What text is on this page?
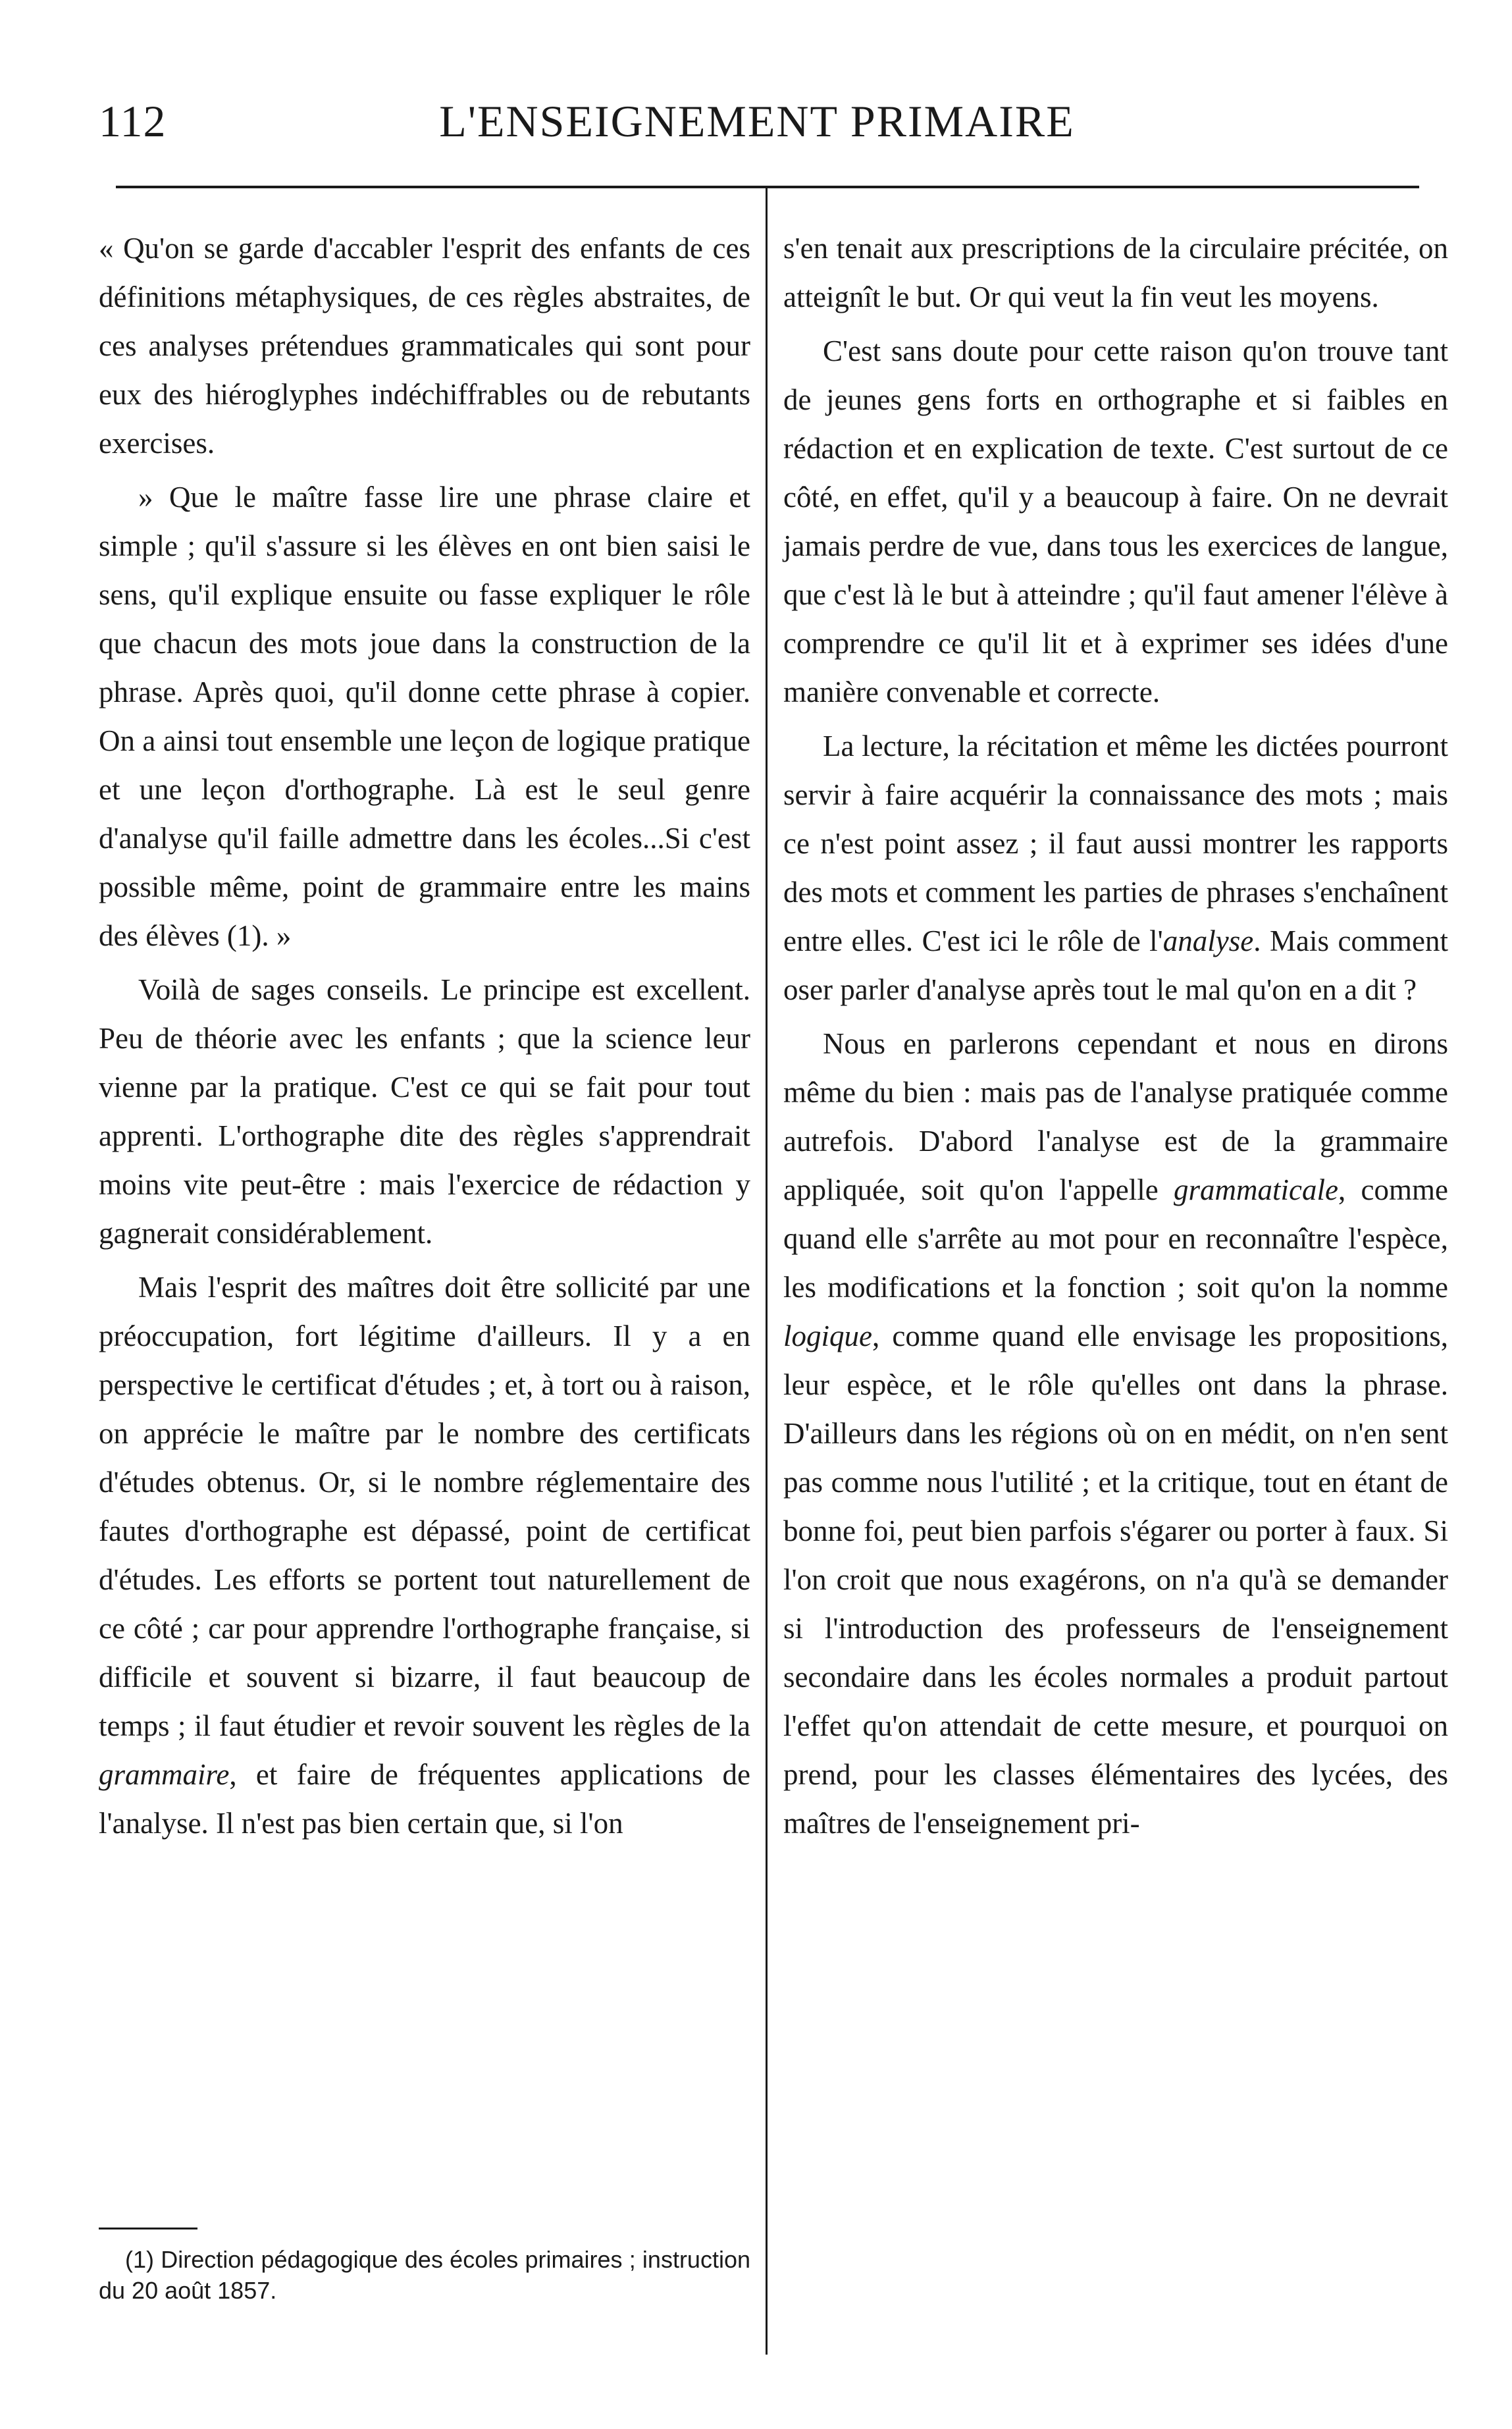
112	L'ENSEIGNEMENT PRIMAIRE

« Qu'on se garde d'accabler l'esprit des enfants de ces définitions métaphysiques, de ces règles abstraites, de ces analyses prétendues grammaticales qui sont pour eux des hiéroglyphes indéchiffrables ou de rebutants exercises.

» Que le maître fasse lire une phrase claire et simple ; qu'il s'assure si les élèves en ont bien saisi le sens, qu'il explique ensuite ou fasse expliquer le rôle que chacun des mots joue dans la construction de la phrase. Après quoi, qu'il donne cette phrase à copier. On a ainsi tout ensemble une leçon de logique pratique et une leçon d'orthographe. Là est le seul genre d'analyse qu'il faille admettre dans les écoles...Si c'est possible même, point de grammaire entre les mains des élèves (1). »

Voilà de sages conseils. Le principe est excellent. Peu de théorie avec les enfants ; que la science leur vienne par la pratique. C'est ce qui se fait pour tout apprenti. L'orthographe dite des règles s'apprendrait moins vite peut-être : mais l'exercice de rédaction y gagnerait considérablement.

Mais l'esprit des maîtres doit être sollicité par une préoccupation, fort légitime d'ailleurs. Il y a en perspective le certificat d'études ; et, à tort ou à raison, on apprécie le maître par le nombre des certificats d'études obtenus. Or, si le nombre réglementaire des fautes d'orthographe est dépassé, point de certificat d'études. Les efforts se portent tout naturellement de ce côté ; car pour apprendre l'orthographe française, si difficile et souvent si bizarre, il faut beaucoup de temps ; il faut étudier et revoir souvent les règles de la grammaire, et faire de fréquentes applications de l'analyse. Il n'est pas bien certain que, si l'on

(1) Direction pédagogique des écoles primaires ; instruction du 20 août 1857.

s'en tenait aux prescriptions de la circulaire précitée, on atteignît le but. Or qui veut la fin veut les moyens.

C'est sans doute pour cette raison qu'on trouve tant de jeunes gens forts en orthographe et si faibles en rédaction et en explication de texte. C'est surtout de ce côté, en effet, qu'il y a beaucoup à faire. On ne devrait jamais perdre de vue, dans tous les exercices de langue, que c'est là le but à atteindre ; qu'il faut amener l'élève à comprendre ce qu'il lit et à exprimer ses idées d'une manière convenable et correcte.

La lecture, la récitation et même les dictées pourront servir à faire acquérir la connaissance des mots ; mais ce n'est point assez ; il faut aussi montrer les rapports des mots et comment les parties de phrases s'enchaînent entre elles. C'est ici le rôle de l'analyse. Mais comment oser parler d'analyse après tout le mal qu'on en a dit ?

Nous en parlerons cependant et nous en dirons même du bien : mais pas de l'analyse pratiquée comme autrefois. D'abord l'analyse est de la grammaire appliquée, soit qu'on l'appelle grammaticale, comme quand elle s'arrête au mot pour en reconnaître l'espèce, les modifications et la fonction ; soit qu'on la nomme logique, comme quand elle envisage les propositions, leur espèce, et le rôle qu'elles ont dans la phrase. D'ailleurs dans les régions où on en médit, on n'en sent pas comme nous l'utilité ; et la critique, tout en étant de bonne foi, peut bien parfois s'égarer ou porter à faux. Si l'on croit que nous exagérons, on n'a qu'à se demander si l'introduction des professeurs de l'enseignement secondaire dans les écoles normales a produit partout l'effet qu'on attendait de cette mesure, et pourquoi on prend, pour les classes élémentaires des lycées, des maîtres de l'enseignement pri-
